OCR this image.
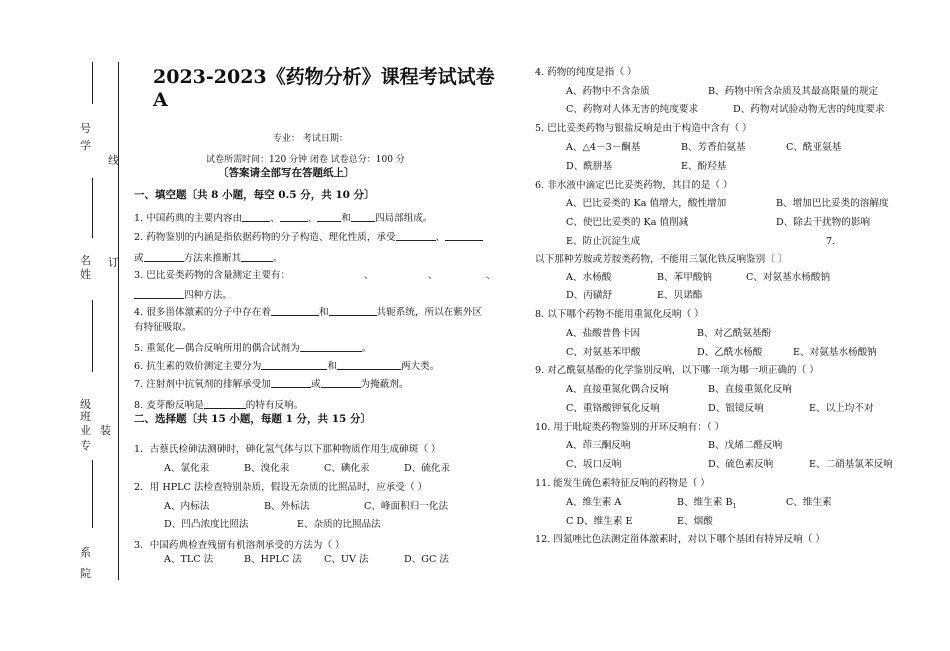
号
学
名
姓
级
班
业
专
系
院
线
订
装
2023-2023《药物分析》课程考试试卷
A
专业： 考试日期：
试卷所需时间：120 分钟 闭卷 试卷总分：100 分
〔答案请全部写在答题纸上〕
一、填空题〔共 8 小题，每空 0.5 分，共 10 分〕
1. 中国药典的主要内容由	、	、	和	四局部组成。
2. 药物鉴别的内涵是指依据药物的分子构造、理化性质，承受	、
或	方法来推断其	。
3. 巴比妥类药物的含量测定主要有：	、	、	、
四种方法。
4. 很多甾体激素的分子中存在着	和	共轭系统，所以在紫外区
有特征吸取。
5. 重氮化—偶合反响所用的偶合试剂为	。
6. 抗生素的效价测定主要分为	和	两大类。
7. 注射剂中抗氧剂的排解承受加	或	为掩蔽剂。
8. 麦芽酚反响是	的特有反响。
二、选择题〔共 15 小题，每题 1 分，共 15 分〕
1．古蔡氏检砷法测砷时，砷化氢气体与以下那种物质作用生成砷斑（ ）
A、氯化汞	B、溴化汞	C、碘化汞	D、硫化汞
2．用 HPLC 法检查特别杂质，假设无杂质的比照品时，应承受（ ）
A、内标法	B、外标法	C、峰面积归一化法
D、凹凸浓度比照法	E、杂质的比照品法
3．中国药典检查残留有机溶剂承受的方法为（ ）
A、TLC 法	B、HPLC 法 C、UV 法	D、GC 法
4. 药物的纯度是指（ ）
A、药物中不含杂质	B、药物中所含杂质及其最高限量的规定
C、药物对人体无害的纯度要求	D、药物对试验动物无害的纯度要求
5. 巴比妥类药物与银盐反响是由于构造中含有（ ）
A、△4－3－酮基	B、芳香伯氨基	C、酰亚氨基
D、酰肼基	E、酚羟基
6. 非水液中滴定巴比妥类药物，其目的是（ ）
A、巴比妥类的 Ka 值增大，酸性增加	B、增加巴比妥类的溶解度
C、使巴比妥类的 Ka 值削减	D、除去干扰物的影响
E、防止沉淀生成	7.
以下那种芳胺或芳胺类药物，不能用三氯化铁反响鉴别〔 〕
A、水杨酸	B、苯甲酸钠	C、对氨基水杨酸钠
D、丙磺舒	E、贝诺酯
8. 以下哪个药物不能用重氮化反响（ ）
A、盐酸普鲁卡因	B、对乙酰氨基酚
C、对氨基苯甲酸	D、乙酰水杨酸	E、对氨基水杨酸钠
9. 对乙酰氨基酚的化学鉴别反响，以下哪一项为哪一项正确的（ ）
A、直接重氮化偶合反响	B、直接重氮化反响
C、重铬酸钾氧化反响	D、银镜反响	E、以上均不对
10. 用于吡啶类药物鉴别的开环反响有：（ ）
A、茚三酮反响	B、戊烯二醛反响
C、坂口反响	D、硫色素反响	E、二硝基氯苯反响
11. 能发生硫色素特征反响的药物是（ ）
A、维生素 A	B、维生素 $B_1$	C、维生素
C D、维生素 E	E、烟酸
12. 四氮唑比色法测定甾体激素时，对以下哪个基团有特异反响（ ）
